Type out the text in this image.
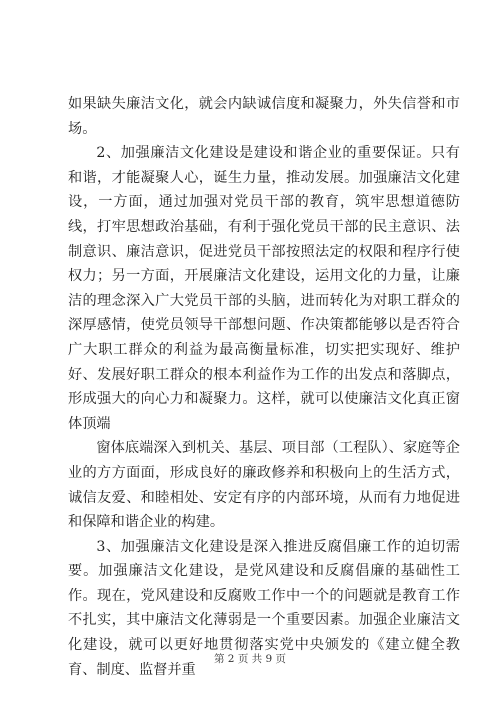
如果缺失廉洁文化，就会内缺诚信度和凝聚力，外失信誉和市场。

2、加强廉洁文化建设是建设和谐企业的重要保证。只有和谐，才能凝聚人心，诞生力量，推动发展。加强廉洁文化建设，一方面，通过加强对党员干部的教育，筑牢思想道德防线，打牢思想政治基础，有利于强化党员干部的民主意识、法制意识、廉洁意识，促进党员干部按照法定的权限和程序行使权力；另一方面，开展廉洁文化建设，运用文化的力量，让廉洁的理念深入广大党员干部的头脑，进而转化为对职工群众的深厚感情，使党员领导干部想问题、作决策都能够以是否符合广大职工群众的利益为最高衡量标准，切实把实现好、维护好、发展好职工群众的根本利益作为工作的出发点和落脚点，形成强大的向心力和凝聚力。这样，就可以使廉洁文化真正窗体顶端

窗体底端深入到机关、基层、项目部（工程队）、家庭等企业的方方面面，形成良好的廉政修养和积极向上的生活方式，诚信友爱、和睦相处、安定有序的内部环境，从而有力地促进和保障和谐企业的构建。

3、加强廉洁文化建设是深入推进反腐倡廉工作的迫切需要。加强廉洁文化建设，是党风建设和反腐倡廉的基础性工作。现在，党风建设和反腐败工作中一个的问题就是教育工作不扎实，其中廉洁文化薄弱是一个重要因素。加强企业廉洁文化建设，就可以更好地贯彻落实党中央颁发的《建立健全教育、制度、监督并重

第 2 页 共 9 页
